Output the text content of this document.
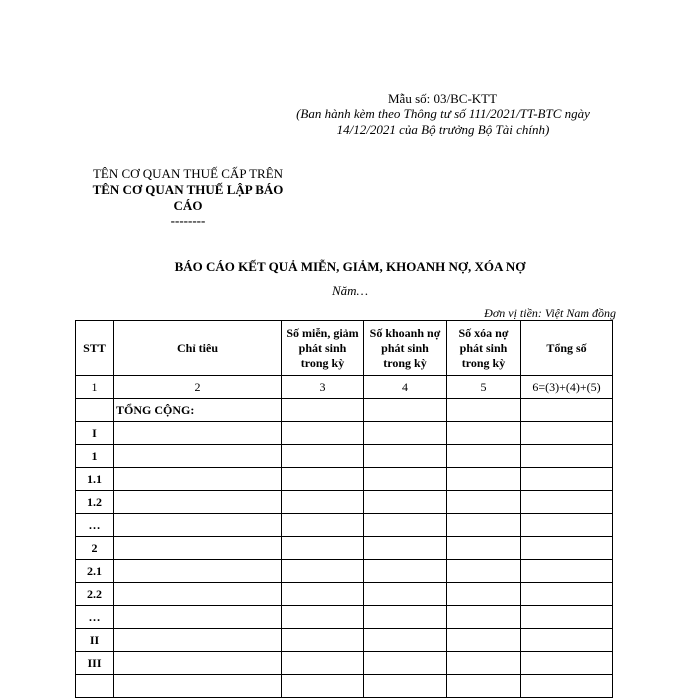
Mẫu số: 03/BC-KTT
(Ban hành kèm theo Thông tư số 111/2021/TT-BTC ngày 14/12/2021 của Bộ trưởng Bộ Tài chính)
TÊN CƠ QUAN THUẾ CẤP TRÊN
TÊN CƠ QUAN THUẾ LẬP BÁO CÁO
--------
BÁO CÁO KẾT QUẢ MIỄN, GIẢM, KHOANH NỢ, XÓA NỢ
Năm…
Đơn vị tiền: Việt Nam đồng
STT	Chỉ tiêu	Số miễn, giảm phát sinh trong kỳ	Số khoanh nợ phát sinh trong kỳ	Số xóa nợ phát sinh trong kỳ	Tổng số
1	2	3	4	5	6=(3)+(4)+(5)
	TỔNG CỘNG:				
I					
1					
1.1					
1.2					
…					
2					
2.1					
2.2					
…					
II					
III					
